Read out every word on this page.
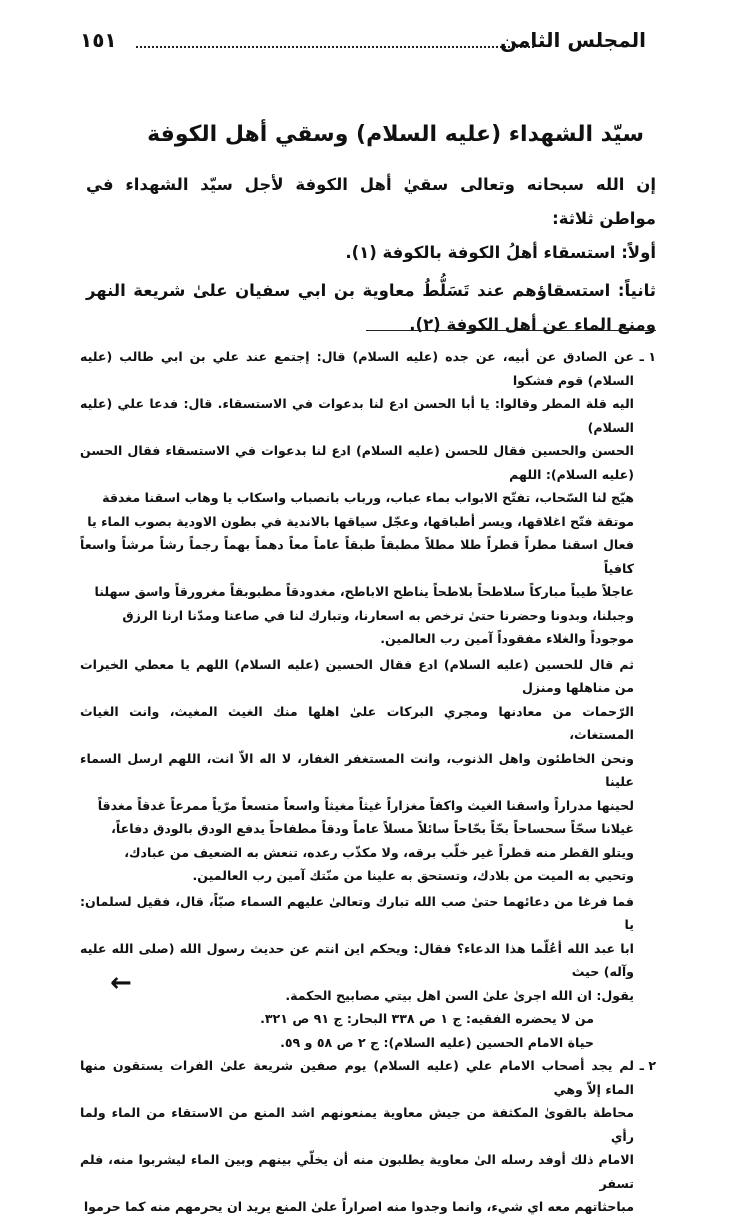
١٥١	المجلس الثامن
سيّد الشهداء (عليه السلام) وسقي أهل الكوفة

إن الله سبحانه وتعالى سقيٰ أهل الكوفة لأجل سيّد الشهداء في مواطن ثلاثة:

أولاً: استسقاء أهلُ الكوفة بالكوفة (١).

ثانياً: استسقاؤهم عند تَسَلُّطُ معاوية بن ابي سفيان علىٰ شريعة النهر ومنع الماء عن أهل الكوفة (٢).

١ ـ

عن الصادق عن أبيه، عن جده (عليه السلام) قال: إجتمع عند علي بن ابي طالب (عليه السلام) قوم فشكوا

اليه قلة المطر وقالوا: يا أبا الحسن ادع لنا بدعوات في الاستسقاء. قال: فدعا علي (عليه السلام)

الحسن والحسين فقال للحسن (عليه السلام) ادع لنا بدعوات في الاستسقاء فقال الحسن (عليه السلام): اللهم

هيّج لنا السّحاب، تفتّح الابواب بماء عباب، ورباب بانصباب واسكاب يا وهاب اسقنا مغدقة

موتقة فتّح اغلاقها، ويسر أطباقها، وعجّل سياقها بالاندية في بطون الاودية بصوب الماء يا

فعال اسقنا مطراً قطراً طلا مطلاً مطبقاً طبقاً عاماً معاً دهماً بهماً رجماً رشاً مرشاً واسعاً كافياً

عاجلاً طيباً مباركاً سلاطحاً بلاطحاً يناطح الاباطح، مغدودقاً مطبوبقاً مغرورقاً واسق سهلنا

وجبلنا، وبدونا وحضرنا حتىٰ ترخص به اسعارنا، وتبارك لنا في صاعنا ومدّنا ارنا الرزق

موجوداً والغلاء مفقوداً آمين رب العالمين.

ثم قال للحسين (عليه السلام) ادع فقال الحسين (عليه السلام) اللهم يا معطي الخيرات من مناهلها ومنزل

الرّحمات من معادنها ومجري البركات علىٰ اهلها منك الغيث المغيث، وانت الغياث المستغاث،

ونحن الخاطئون واهل الذنوب، وانت المستغفر الغفار، لا اله الاّ انت، اللهم ارسل السماء علينا

لحينها مدراراً واسقنا الغيث واكفاً مغزاراً غيثاً مغيثاً واسعاً متسعاً مرّياً ممرعاً غدقاً مغدقاً

غيلانا سحّاً سحساحاً بحّاً بحّاحاً سائلاً مسلاً عاماً ودقاً مطفاحاً يدفع الودق بالودق دفاعاً،

ويتلو القطر منه قطراً غير خلّب برقه، ولا مكذّب رعده، تنعش به الضعيف من عبادك،

وتحيي به الميت من بلادك، وتستحق به علينا من منّتك آمين رب العالمين.

فما فرغا من دعائهما حتىٰ صب الله تبارك وتعالىٰ عليهم السماء صبّاً، قال، فقيل لسلمان: يا

ابا عبد الله أعُلّما هذا الدعاء؟ فقال: ويحكم اين انتم عن حديث رسول الله (صلى الله عليه وآله) حيث

يقول: ان الله اجرىٰ علىٰ السن اهل بيتي مصابيح الحكمة.

من لا يحضره الفقيه: ج ١ ص ٣٣٨ البحار: ج ٩١ ص ٣٢١.

حياة الامام الحسين (عليه السلام): ج ٢ ص ٥٨ و ٥٩.

٢ ـ

لم يجد أصحاب الامام علي (عليه السلام) يوم صفين شريعة علىٰ الفرات يستقون منها الماء إلاّ وهي

محاطة بالقوىٰ المكثفة من جيش معاوية يمنعونهم اشد المنع من الاستقاء من الماء ولما رأي

الامام ذلك أوفد رسله الىٰ معاوية يطلبون منه أن يخلّي بينهم وبين الماء ليشربوا منه، فلم تسفر

مباحثاتهم معه اي شيء، وانما وجدوا منه اصراراً علىٰ المنع يريد ان يحرمهم منه كما حرموا

←
